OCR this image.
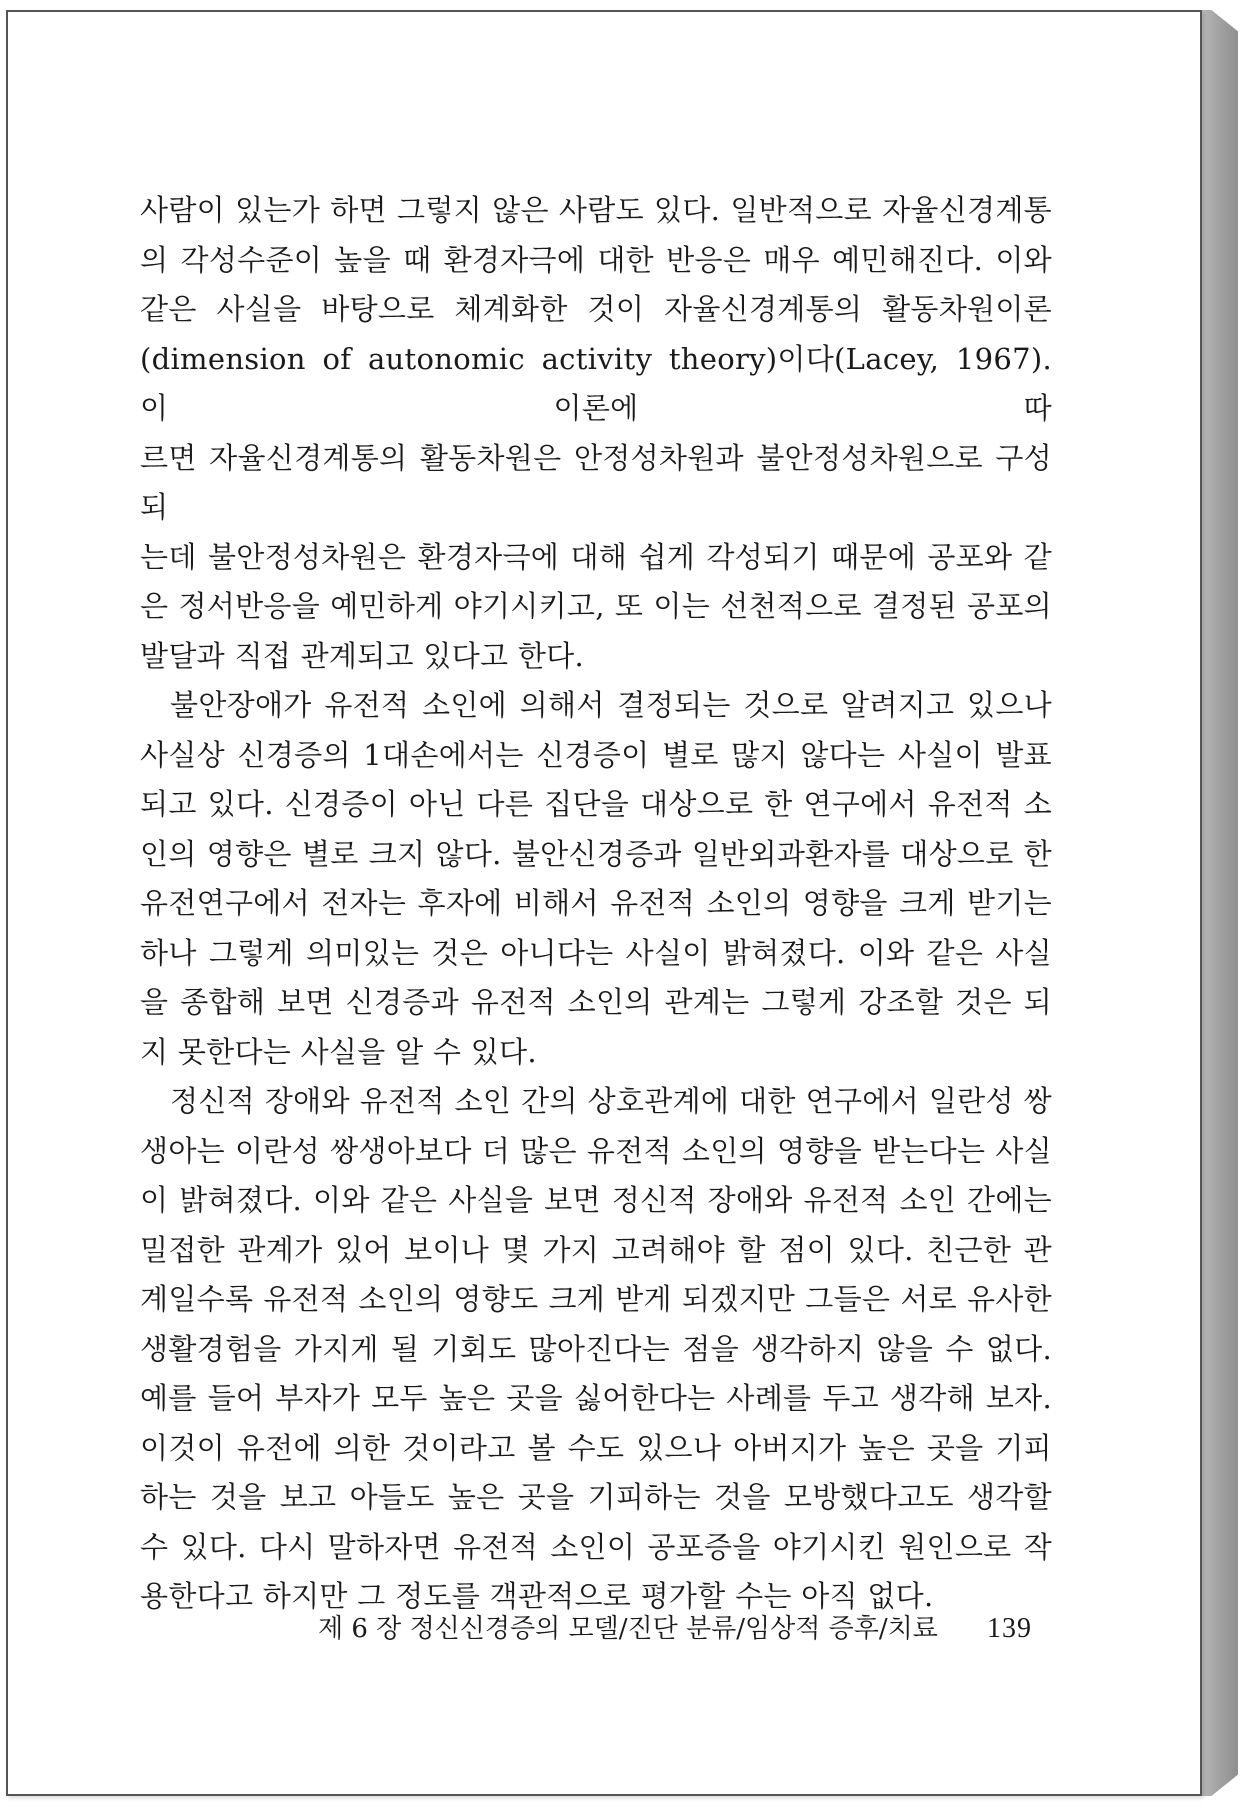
사람이 있는가 하면 그렇지 않은 사람도 있다. 일반적으로 자율신경계통

의 각성수준이 높을 때 환경자극에 대한 반응은 매우 예민해진다. 이와

같은 사실을 바탕으로 체계화한 것이 자율신경계통의 활동차원이론

(dimension of autonomic activity theory)이다(Lacey, 1967). 이 이론에 따

르면 자율신경계통의 활동차원은 안정성차원과 불안정성차원으로 구성되

는데 불안정성차원은 환경자극에 대해 쉽게 각성되기 때문에 공포와 같

은 정서반응을 예민하게 야기시키고, 또 이는 선천적으로 결정된 공포의

발달과 직접 관계되고 있다고 한다.

불안장애가 유전적 소인에 의해서 결정되는 것으로 알려지고 있으나

사실상 신경증의 1대손에서는 신경증이 별로 많지 않다는 사실이 발표

되고 있다. 신경증이 아닌 다른 집단을 대상으로 한 연구에서 유전적 소

인의 영향은 별로 크지 않다. 불안신경증과 일반외과환자를 대상으로 한

유전연구에서 전자는 후자에 비해서 유전적 소인의 영향을 크게 받기는

하나 그렇게 의미있는 것은 아니다는 사실이 밝혀졌다. 이와 같은 사실

을 종합해 보면 신경증과 유전적 소인의 관계는 그렇게 강조할 것은 되

지 못한다는 사실을 알 수 있다.

정신적 장애와 유전적 소인 간의 상호관계에 대한 연구에서 일란성 쌍

생아는 이란성 쌍생아보다 더 많은 유전적 소인의 영향을 받는다는 사실

이 밝혀졌다. 이와 같은 사실을 보면 정신적 장애와 유전적 소인 간에는

밀접한 관계가 있어 보이나 몇 가지 고려해야 할 점이 있다. 친근한 관

계일수록 유전적 소인의 영향도 크게 받게 되겠지만 그들은 서로 유사한

생활경험을 가지게 될 기회도 많아진다는 점을 생각하지 않을 수 없다.

예를 들어 부자가 모두 높은 곳을 싫어한다는 사례를 두고 생각해 보자.

이것이 유전에 의한 것이라고 볼 수도 있으나 아버지가 높은 곳을 기피

하는 것을 보고 아들도 높은 곳을 기피하는 것을 모방했다고도 생각할

수 있다. 다시 말하자면 유전적 소인이 공포증을 야기시킨 원인으로 작

용한다고 하지만 그 정도를 객관적으로 평가할 수는 아직 없다.

제 6 장 정신신경증의 모델/진단 분류/임상적 증후/치료 139
